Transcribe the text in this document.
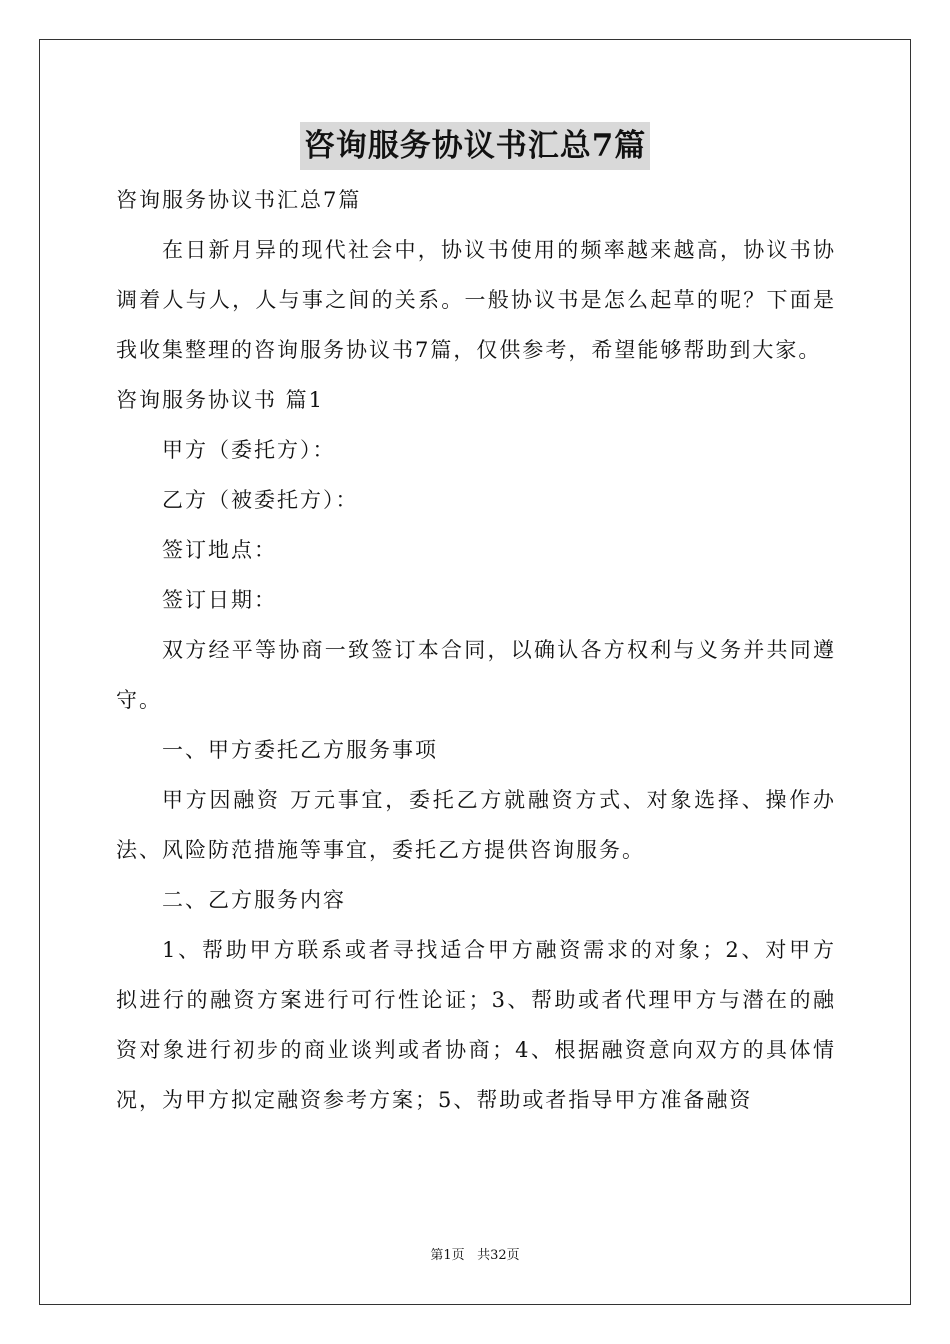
咨询服务协议书汇总7篇

咨询服务协议书汇总7篇

在日新月异的现代社会中，协议书使用的频率越来越高，协议书协调着人与人，人与事之间的关系。一般协议书是怎么起草的呢？下面是我收集整理的咨询服务协议书7篇，仅供参考，希望能够帮助到大家。

咨询服务协议书 篇1

甲方（委托方）：

乙方（被委托方）：

签订地点：

签订日期：

双方经平等协商一致签订本合同，以确认各方权利与义务并共同遵守。

一、甲方委托乙方服务事项

甲方因融资 万元事宜，委托乙方就融资方式、对象选择、操作办法、风险防范措施等事宜，委托乙方提供咨询服务。

二、乙方服务内容

1、帮助甲方联系或者寻找适合甲方融资需求的对象；2、对甲方拟进行的融资方案进行可行性论证；3、帮助或者代理甲方与潜在的融资对象进行初步的商业谈判或者协商；4、根据融资意向双方的具体情况，为甲方拟定融资参考方案；5、帮助或者指导甲方准备融资

第1页 共32页
